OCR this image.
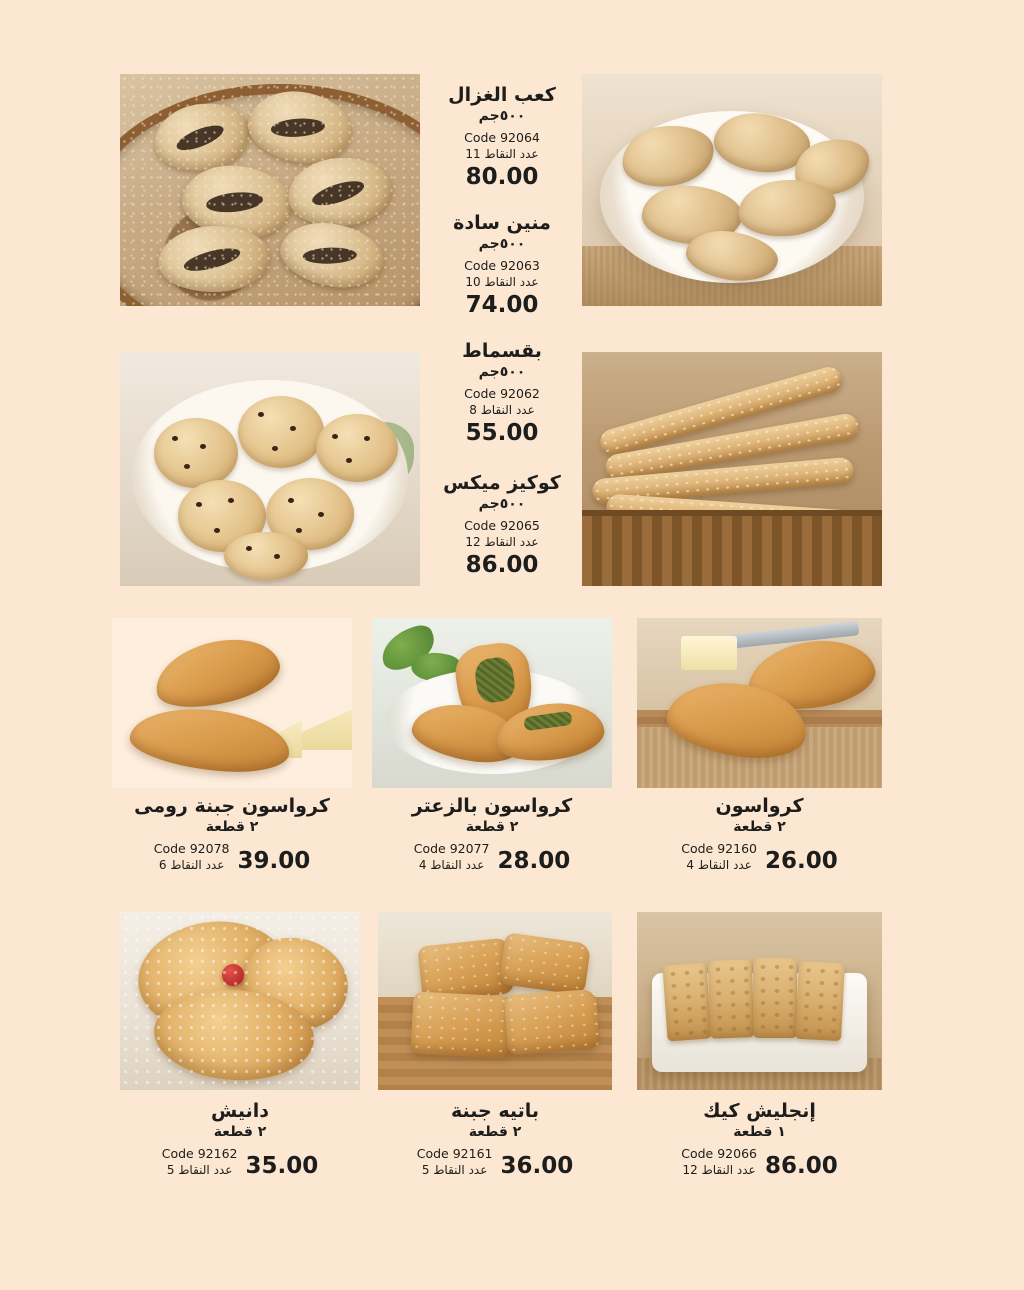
كعب الغزال
٥٠٠جم
Code 92064
عدد النقاط 11
80.00
منين سادة
٥٠٠جم
Code 92063
عدد النقاط 10
74.00
بقسماط
٥٠٠جم
Code 92062
عدد النقاط 8
55.00
كوكيز ميكس
٥٠٠جم
Code 92065
عدد النقاط 12
86.00
كرواسون جبنة رومى
٢ قطعة
Code 92078
عدد النقاط 6 39.00
كرواسون بالزعتر
٢ قطعة
Code 92077
عدد النقاط 4 28.00
كرواسون
٢ قطعة
Code 92160
عدد النقاط 4 26.00
دانيش
٢ قطعة
Code 92162
عدد النقاط 5 35.00
باتيه جبنة
٢ قطعة
Code 92161
عدد النقاط 5 36.00
إنجليش كيك
١ قطعة
Code 92066
عدد النقاط 12 86.00
